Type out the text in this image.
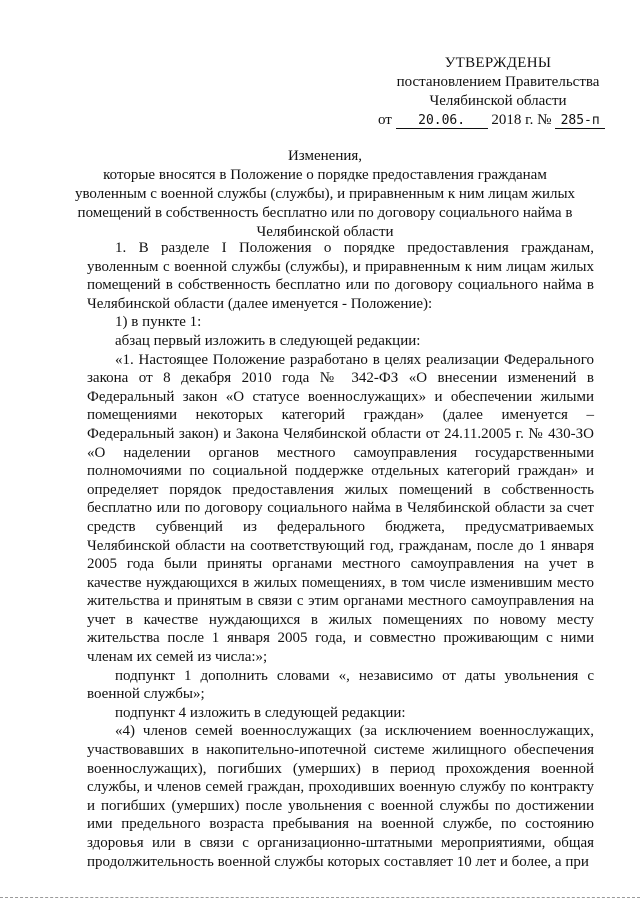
УТВЕРЖДЕНЫ
постановлением Правительства
Челябинской области
от 20.06. 2018 г. № 285-п
Изменения,
которые вносятся в Положение о порядке предоставления гражданам
уволенным с военной службы (службы), и приравненным к ним лицам жилых
помещений в собственность бесплатно или по договору социального найма в
Челябинской области

1. В разделе I Положения о порядке предоставления гражданам, уволенным с военной службы (службы), и приравненным к ним лицам жилых помещений в собственность бесплатно или по договору социального найма в Челябинской области (далее именуется - Положение):

1) в пункте 1:

абзац первый изложить в следующей редакции:

«1. Настоящее Положение разработано в целях реализации Федерального закона от 8 декабря 2010 года № 342-ФЗ «О внесении изменений в Федеральный закон «О статусе военнослужащих» и обеспечении жилыми помещениями некоторых категорий граждан» (далее именуется – Федеральный закон) и Закона Челябинской области от 24.11.2005 г. № 430-ЗО «О наделении органов местного самоуправления государственными полномочиями по социальной поддержке отдельных категорий граждан» и определяет порядок предоставления жилых помещений в собственность бесплатно или по договору социального найма в Челябинской области за счет средств субвенций из федерального бюджета, предусматриваемых Челябинской области на соответствующий год, гражданам, после до 1 января 2005 года были приняты органами местного самоуправления на учет в качестве нуждающихся в жилых помещениях, в том числе изменившим место жительства и принятым в связи с этим органами местного самоуправления на учет в качестве нуждающихся в жилых помещениях по новому месту жительства после 1 января 2005 года, и совместно проживающим с ними членам их семей из числа:»;

подпункт 1 дополнить словами «, независимо от даты увольнения с военной службы»;

подпункт 4 изложить в следующей редакции:

«4) членов семей военнослужащих (за исключением военнослужащих, участвовавших в накопительно-ипотечной системе жилищного обеспечения военнослужащих), погибших (умерших) в период прохождения военной службы, и членов семей граждан, проходивших военную службу по контракту и погибших (умерших) после увольнения с военной службы по достижении ими предельного возраста пребывания на военной службе, по состоянию здоровья или в связи с организационно-штатными мероприятиями, общая продолжительность военной службы которых составляет 10 лет и более, а при
